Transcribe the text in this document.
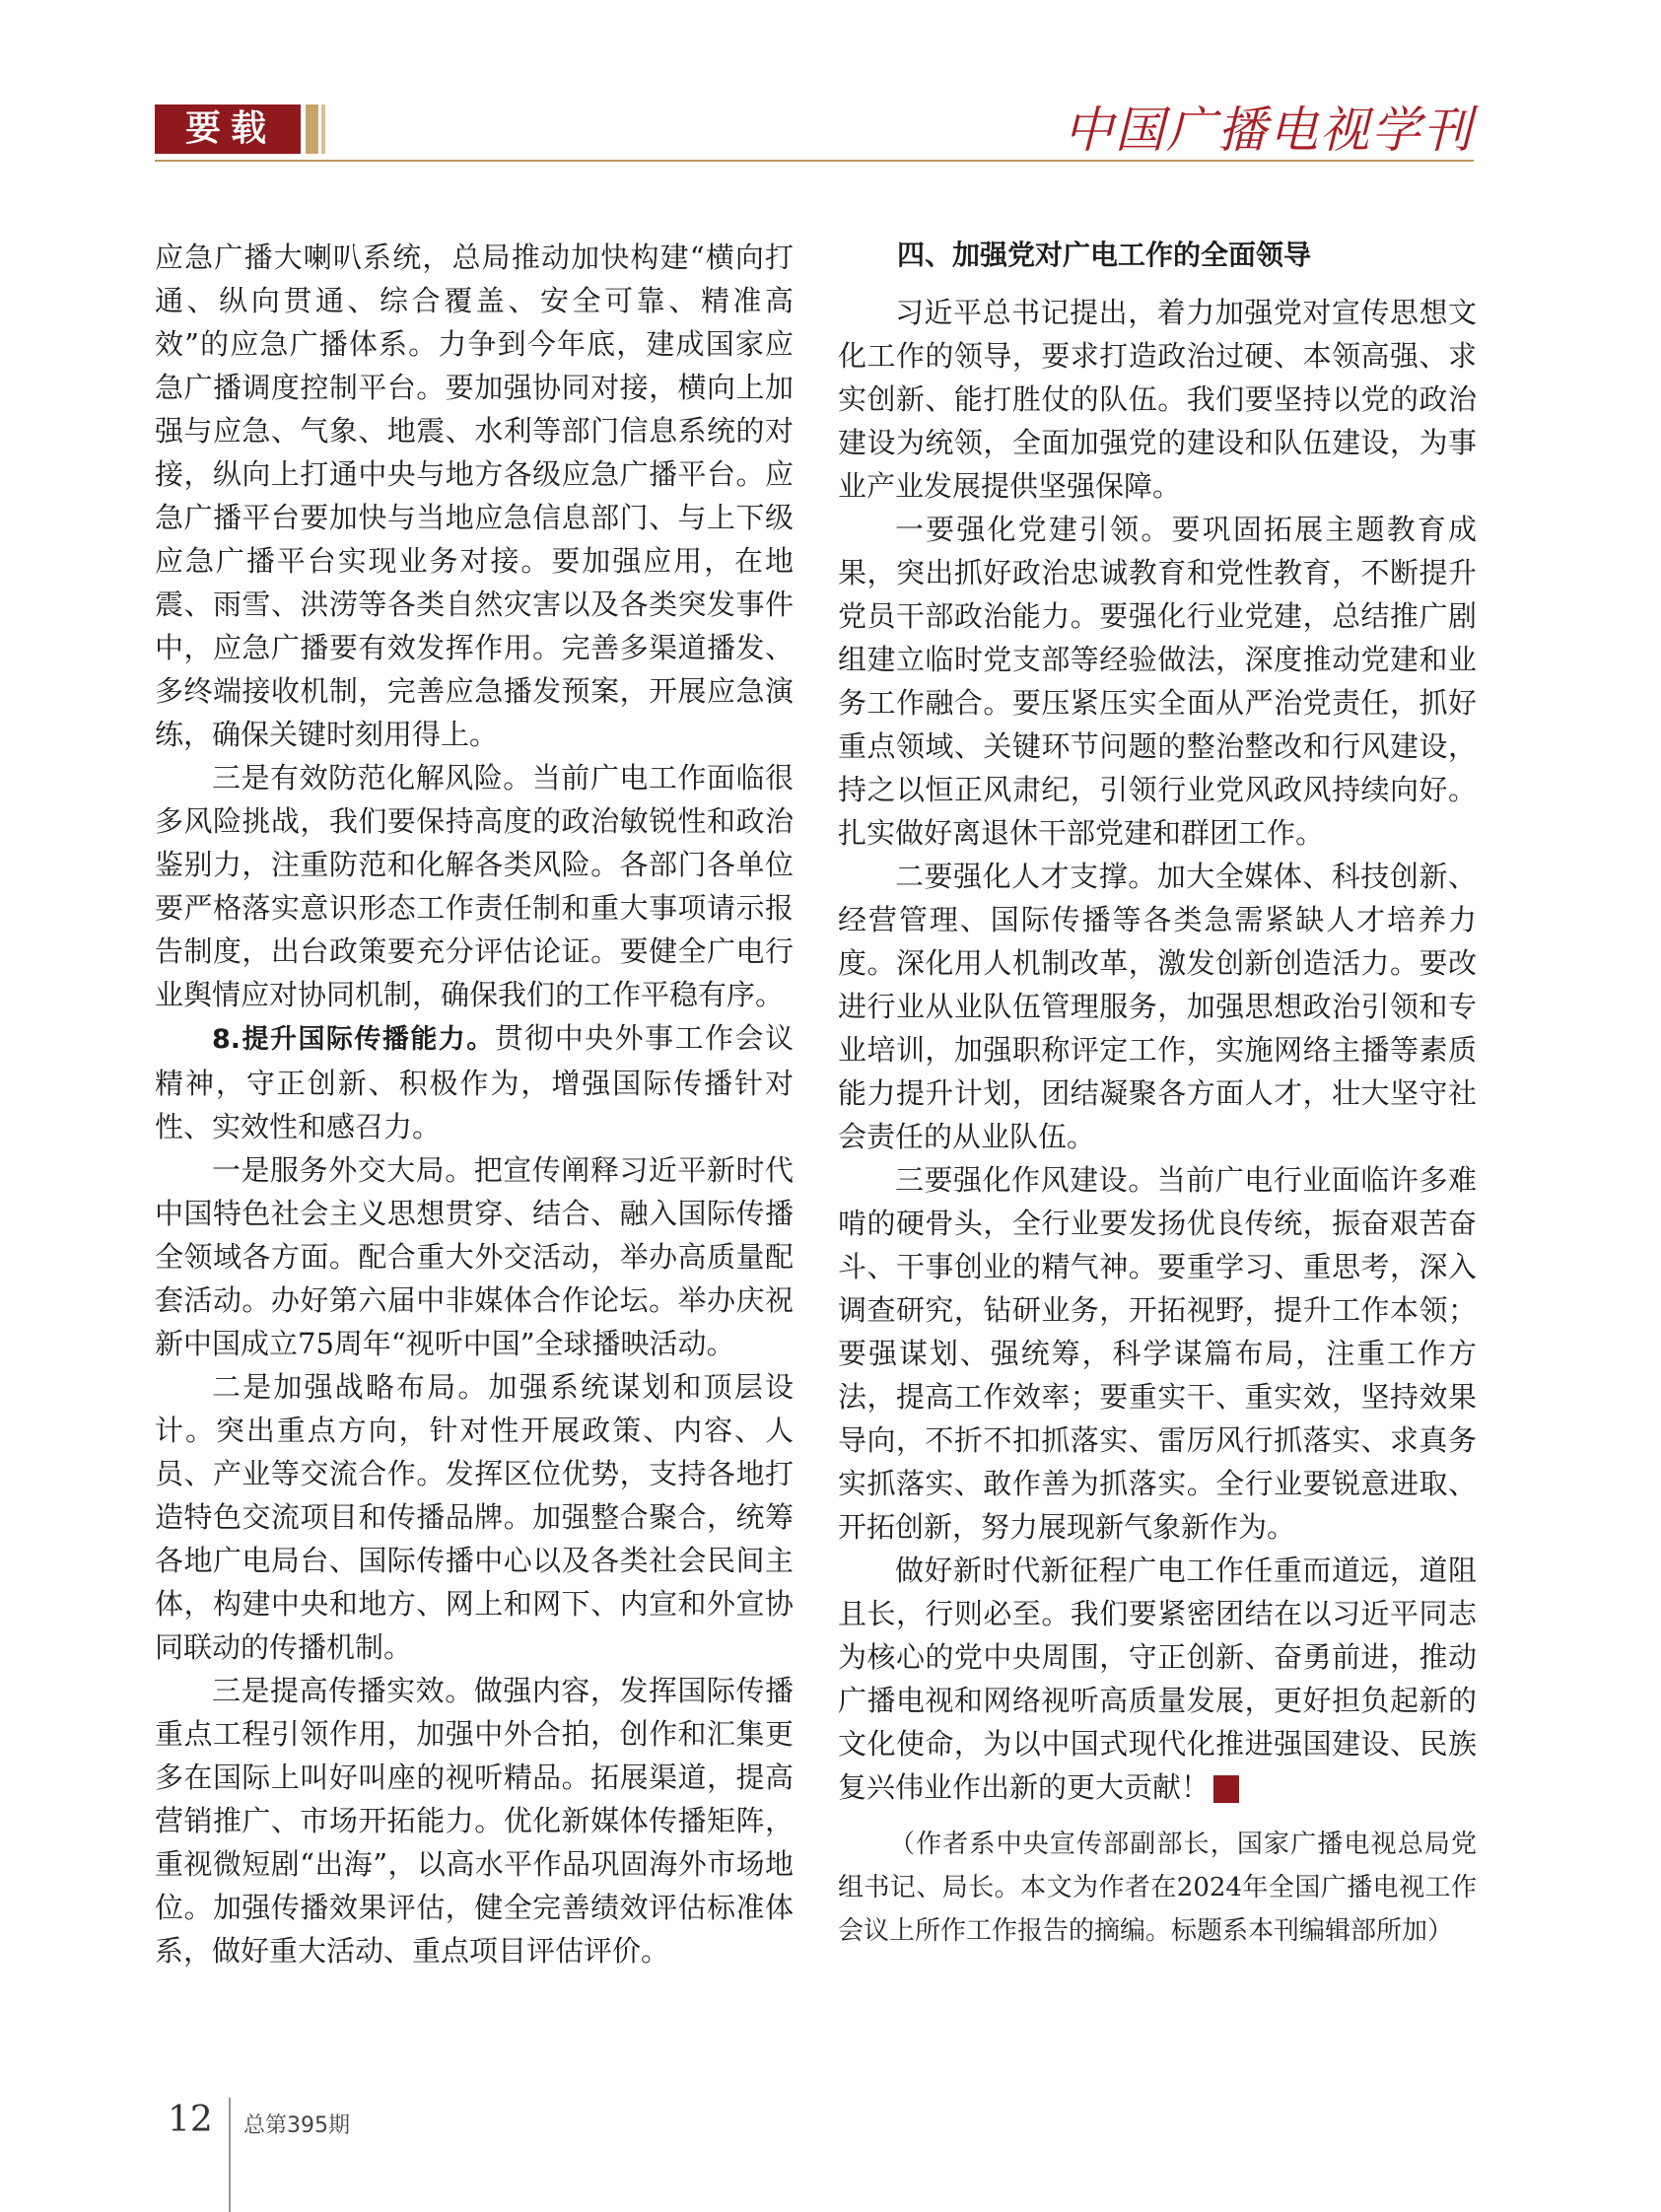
要载	中国广播电视学刊

应急广播大喇叭系统，总局推动加快构建“横向打通、纵向贯通、综合覆盖、安全可靠、精准高效”的应急广播体系。力争到今年底，建成国家应急广播调度控制平台。要加强协同对接，横向上加强与应急、气象、地震、水利等部门信息系统的对接，纵向上打通中央与地方各级应急广播平台。应急广播平台要加快与当地应急信息部门、与上下级应急广播平台实现业务对接。要加强应用，在地震、雨雪、洪涝等各类自然灾害以及各类突发事件中，应急广播要有效发挥作用。完善多渠道播发、多终端接收机制，完善应急播发预案，开展应急演练，确保关键时刻用得上。

三是有效防范化解风险。当前广电工作面临很多风险挑战，我们要保持高度的政治敏锐性和政治鉴别力，注重防范和化解各类风险。各部门各单位要严格落实意识形态工作责任制和重大事项请示报告制度，出台政策要充分评估论证。要健全广电行业舆情应对协同机制，确保我们的工作平稳有序。

8.提升国际传播能力。贯彻中央外事工作会议精神，守正创新、积极作为，增强国际传播针对性、实效性和感召力。

一是服务外交大局。把宣传阐释习近平新时代中国特色社会主义思想贯穿、结合、融入国际传播全领域各方面。配合重大外交活动，举办高质量配套活动。办好第六届中非媒体合作论坛。举办庆祝新中国成立75周年“视听中国”全球播映活动。

二是加强战略布局。加强系统谋划和顶层设计。突出重点方向，针对性开展政策、内容、人员、产业等交流合作。发挥区位优势，支持各地打造特色交流项目和传播品牌。加强整合聚合，统筹各地广电局台、国际传播中心以及各类社会民间主体，构建中央和地方、网上和网下、内宣和外宣协同联动的传播机制。

三是提高传播实效。做强内容，发挥国际传播重点工程引领作用，加强中外合拍，创作和汇集更多在国际上叫好叫座的视听精品。拓展渠道，提高营销推广、市场开拓能力。优化新媒体传播矩阵，重视微短剧“出海”，以高水平作品巩固海外市场地位。加强传播效果评估，健全完善绩效评估标准体系，做好重大活动、重点项目评估评价。

四、加强党对广电工作的全面领导

习近平总书记提出，着力加强党对宣传思想文化工作的领导，要求打造政治过硬、本领高强、求实创新、能打胜仗的队伍。我们要坚持以党的政治建设为统领，全面加强党的建设和队伍建设，为事业产业发展提供坚强保障。

一要强化党建引领。要巩固拓展主题教育成果，突出抓好政治忠诚教育和党性教育，不断提升党员干部政治能力。要强化行业党建，总结推广剧组建立临时党支部等经验做法，深度推动党建和业务工作融合。要压紧压实全面从严治党责任，抓好重点领域、关键环节问题的整治整改和行风建设，持之以恒正风肃纪，引领行业党风政风持续向好。扎实做好离退休干部党建和群团工作。

二要强化人才支撑。加大全媒体、科技创新、经营管理、国际传播等各类急需紧缺人才培养力度。深化用人机制改革，激发创新创造活力。要改进行业从业队伍管理服务，加强思想政治引领和专业培训，加强职称评定工作，实施网络主播等素质能力提升计划，团结凝聚各方面人才，壮大坚守社会责任的从业队伍。

三要强化作风建设。当前广电行业面临许多难啃的硬骨头，全行业要发扬优良传统，振奋艰苦奋斗、干事创业的精气神。要重学习、重思考，深入调查研究，钻研业务，开拓视野，提升工作本领；要强谋划、强统筹，科学谋篇布局，注重工作方法，提高工作效率；要重实干、重实效，坚持效果导向，不折不扣抓落实、雷厉风行抓落实、求真务实抓落实、敢作善为抓落实。全行业要锐意进取、开拓创新，努力展现新气象新作为。

做好新时代新征程广电工作任重而道远，道阻且长，行则必至。我们要紧密团结在以习近平同志为核心的党中央周围，守正创新、奋勇前进，推动广播电视和网络视听高质量发展，更好担负起新的文化使命，为以中国式现代化推进强国建设、民族复兴伟业作出新的更大贡献！	学

（作者系中央宣传部副部长，国家广播电视总局党组书记、局长。本文为作者在2024年全国广播电视工作会议上所作工作报告的摘编。标题系本刊编辑部所加）

12 总第395期
